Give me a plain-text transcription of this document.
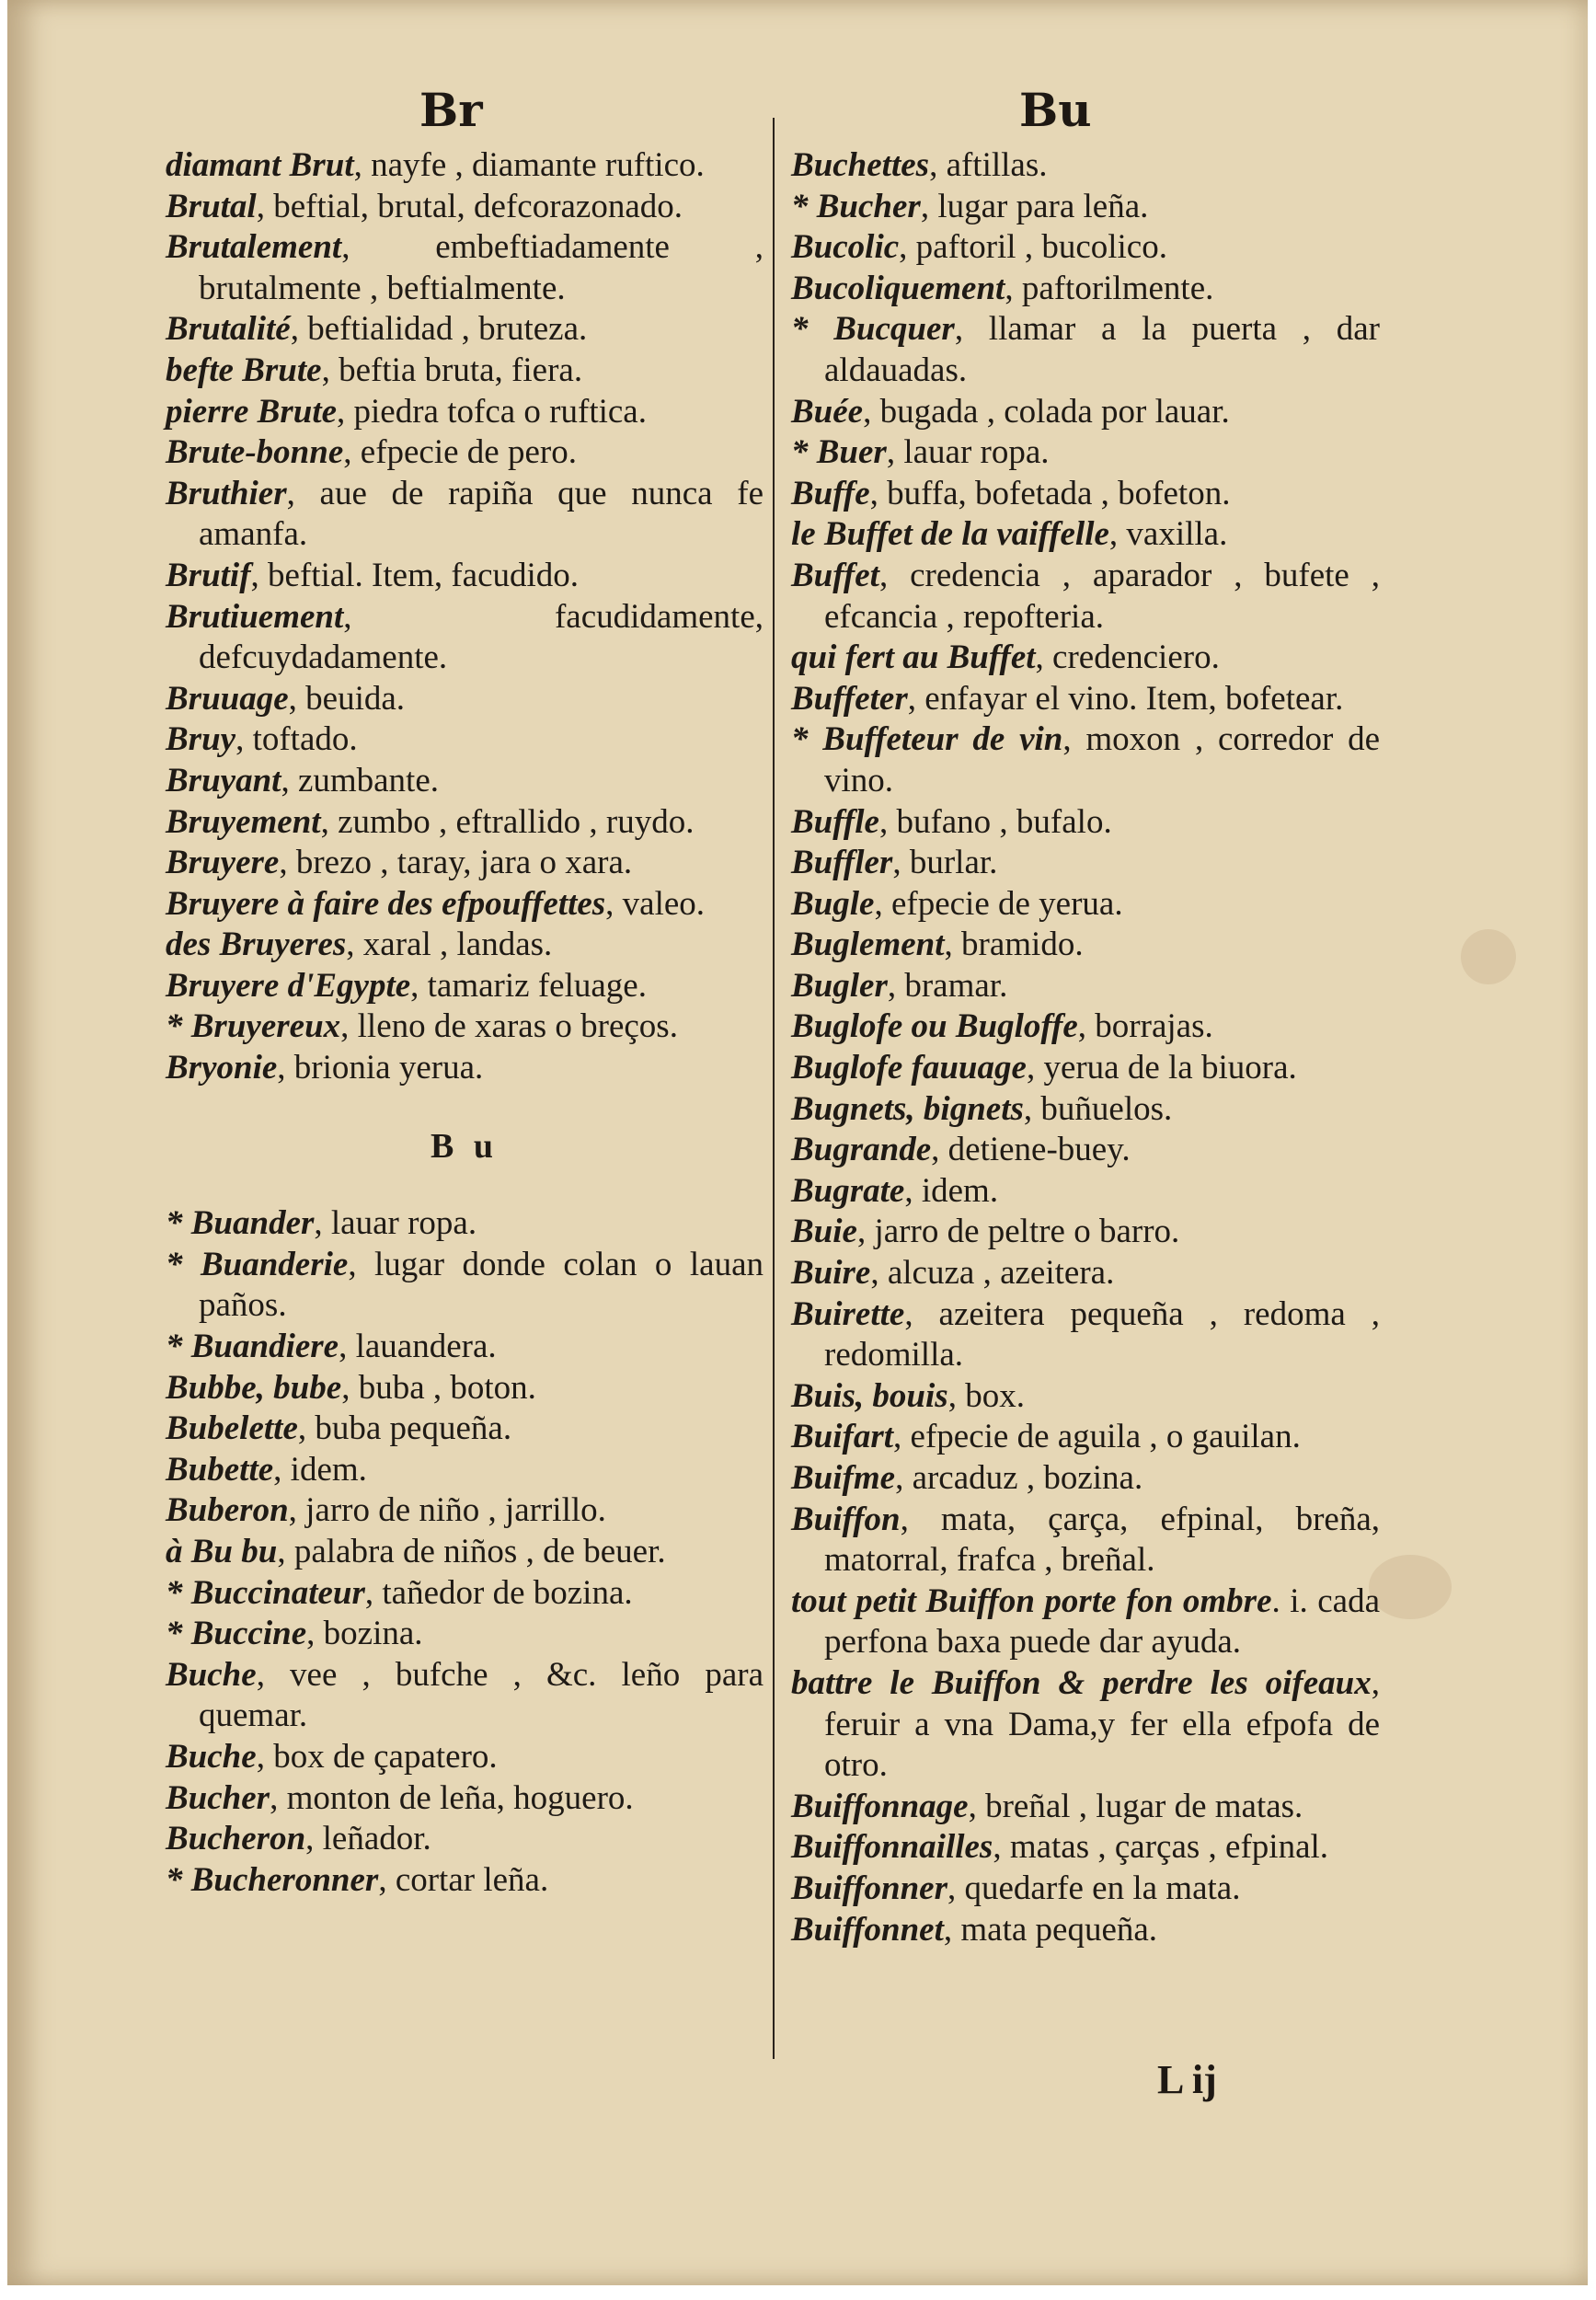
Br	Bu
diamant Brut, nayfe , diamante ruftico.
Brutal, beftial, brutal, defcorazonado.
Brutalement, embeftiadamente , brutalmente , beftialmente.
Brutalité, beftialidad , bruteza.
befte Brute, beftia bruta, fiera.
pierre Brute, piedra tofca o ruftica.
Brute-bonne, efpecie de pero.
Bruthier, aue de rapiña que nunca fe amanfa.
Brutif, beftial. Item, facudido.
Brutiuement, facudidamente, defcuydadamente.
Bruuage, beuida.
Bruy, toftado.
Bruyant, zumbante.
Bruyement, zumbo , eftrallido , ruydo.
Bruyere, brezo , taray, jara o xara.
Bruyere à faire des efpouffettes, valeo.
des Bruyeres, xaral , landas.
Bruyere d'Egypte, tamariz feluage.
* Bruyereux, lleno de xaras o breços.
Bryonie, brionia yerua.
B u
* Buander, lauar ropa.
* Buanderie, lugar donde colan o lauan paños.
* Buandiere, lauandera.
Bubbe, bube, buba , boton.
Bubelette, buba pequeña.
Bubette, idem.
Buberon, jarro de niño , jarrillo.
à Bu bu, palabra de niños , de beuer.
* Buccinateur, tañedor de bozina.
* Buccine, bozina.
Buche, vee , bufche , &c. leño para quemar.
Buche, box de çapatero.
Bucher, monton de leña, hoguero.
Bucheron, leñador.
* Bucheronner, cortar leña.
Buchettes, aftillas.
* Bucher, lugar para leña.
Bucolic, paftoril , bucolico.
Bucoliquement, paftorilmente.
* Bucquer, llamar a la puerta , dar aldauadas.
Buée, bugada , colada por lauar.
* Buer, lauar ropa.
Buffe, buffa, bofetada , bofeton.
le Buffet de la vaiffelle, vaxilla.
Buffet, credencia , aparador , bufete , efcancia , repofteria.
qui fert au Buffet, credenciero.
Buffeter, enfayar el vino. Item, bofetear.
* Buffeteur de vin, moxon , corredor de vino.
Buffle, bufano , bufalo.
Buffler, burlar.
Bugle, efpecie de yerua.
Buglement, bramido.
Bugler, bramar.
Buglofe ou Bugloffe, borrajas.
Buglofe fauuage, yerua de la biuora.
Bugnets, bignets, buñuelos.
Bugrande, detiene-buey.
Bugrate, idem.
Buie, jarro de peltre o barro.
Buire, alcuza , azeitera.
Buirette, azeitera pequeña , redoma , redomilla.
Buis, bouis, box.
Buifart, efpecie de aguila , o gauilan.
Buifme, arcaduz , bozina.
Buiffon, mata, çarça, efpinal, breña, matorral, frafca , breñal.
tout petit Buiffon porte fon ombre. i. cada perfona baxa puede dar ayuda.
battre le Buiffon & perdre les oifeaux, feruir a vna Dama,y fer ella efpofa de otro.
Buiffonnage, breñal , lugar de matas.
Buiffonnailles, matas , çarças , efpinal.
Buiffonner, quedarfe en la mata.
Buiffonnet, mata pequeña.
L ij
